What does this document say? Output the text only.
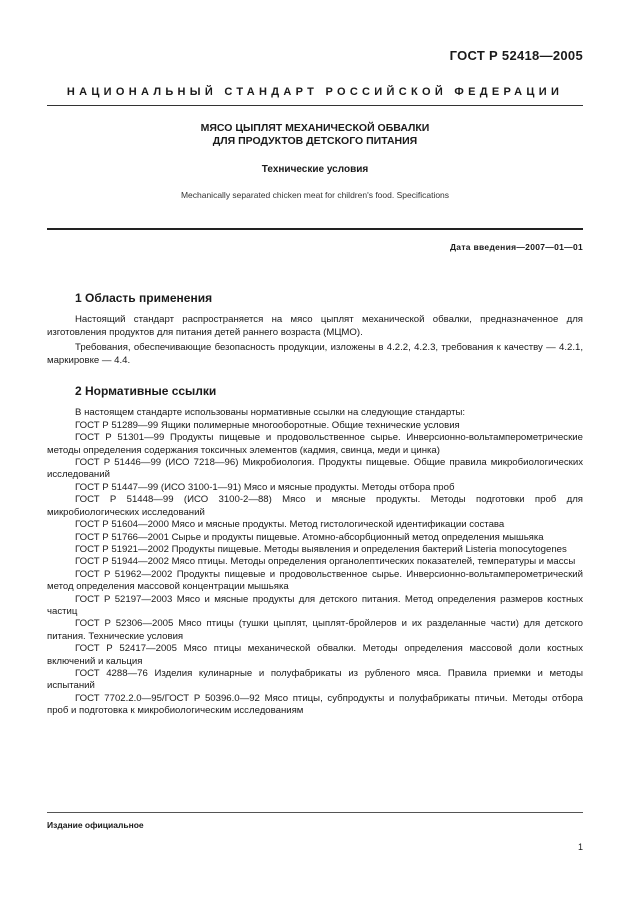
ГОСТ Р 52418—2005
НАЦИОНАЛЬНЫЙ СТАНДАРТ РОССИЙСКОЙ ФЕДЕРАЦИИ
МЯСО ЦЫПЛЯТ МЕХАНИЧЕСКОЙ ОБВАЛКИ
ДЛЯ ПРОДУКТОВ ДЕТСКОГО ПИТАНИЯ
Технические условия
Mechanically separated chicken meat for children's food. Specifications
Дата введения—2007—01—01
1 Область применения
Настоящий стандарт распространяется на мясо цыплят механической обвалки, предназначенное для изготовления продуктов для питания детей раннего возраста (МЦМО).
Требования, обеспечивающие безопасность продукции, изложены в 4.2.2, 4.2.3, требования к качеству — 4.2.1, маркировке — 4.4.
2 Нормативные ссылки
В настоящем стандарте использованы нормативные ссылки на следующие стандарты:
ГОСТ Р 51289—99 Ящики полимерные многооборотные. Общие технические условия
ГОСТ Р 51301—99 Продукты пищевые и продовольственное сырье. Инверсионно-вольтамперометрические методы определения содержания токсичных элементов (кадмия, свинца, меди и цинка)
ГОСТ Р 51446—99 (ИСО 7218—96) Микробиология. Продукты пищевые. Общие правила микробиологических исследований
ГОСТ Р 51447—99 (ИСО 3100-1—91) Мясо и мясные продукты. Методы отбора проб
ГОСТ Р 51448—99 (ИСО 3100-2—88) Мясо и мясные продукты. Методы подготовки проб для микробиологических исследований
ГОСТ Р 51604—2000 Мясо и мясные продукты. Метод гистологической идентификации состава
ГОСТ Р 51766—2001 Сырье и продукты пищевые. Атомно-абсорбционный метод определения мышьяка
ГОСТ Р 51921—2002 Продукты пищевые. Методы выявления и определения бактерий Listeria monocytogenes
ГОСТ Р 51944—2002 Мясо птицы. Методы определения органолептических показателей, температуры и массы
ГОСТ Р 51962—2002 Продукты пищевые и продовольственное сырье. Инверсионно-вольтамперометрический метод определения массовой концентрации мышьяка
ГОСТ Р 52197—2003 Мясо и мясные продукты для детского питания. Метод определения размеров костных частиц
ГОСТ Р 52306—2005 Мясо птицы (тушки цыплят, цыплят-бройлеров и их разделанные части) для детского питания. Технические условия
ГОСТ Р 52417—2005 Мясо птицы механической обвалки. Методы определения массовой доли костных включений и кальция
ГОСТ 4288—76 Изделия кулинарные и полуфабрикаты из рубленого мяса. Правила приемки и методы испытаний
ГОСТ 7702.2.0—95/ГОСТ Р 50396.0—92 Мясо птицы, субпродукты и полуфабрикаты птичьи. Методы отбора проб и подготовка к микробиологическим исследованиям
Издание официальное
1
